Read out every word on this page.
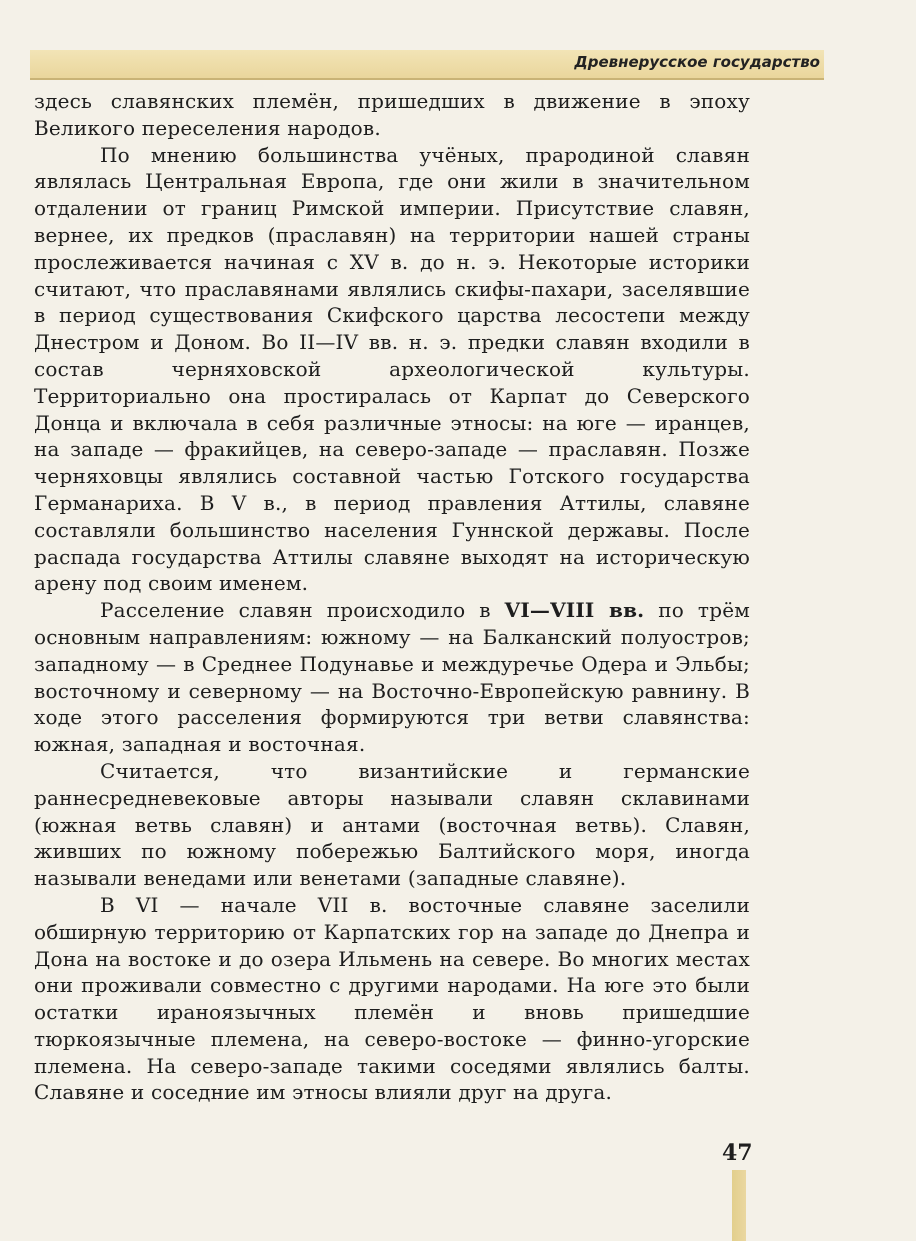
Древнерусское государство

здесь славянских племён, пришедших в движение в эпоху Великого переселения народов.

По мнению большинства учёных, прародиной славян являлась Центральная Европа, где они жили в значительном отдалении от границ Римской империи. Присутствие славян, вернее, их предков (праславян) на территории нашей страны прослеживается начиная с XV в. до н. э. Некоторые историки считают, что праславянами являлись скифы-пахари, заселявшие в период существования Скифского царства лесостепи между Днестром и Доном. Во II—IV вв. н. э. предки славян входили в состав черняховской археологической культуры. Территориально она простиралась от Карпат до Северского Донца и включала в себя различные этносы: на юге — иранцев, на западе — фракийцев, на северо-западе — праславян. Позже черняховцы являлись составной частью Готского государства Германариха. В V в., в период правления Аттилы, славяне составляли большинство населения Гуннской державы. После распада государства Аттилы славяне выходят на историческую арену под своим именем.

Расселение славян происходило в VI—VIII вв. по трём основным направлениям: южному — на Балканский полуостров; западному — в Среднее Подунавье и междуречье Одера и Эльбы; восточному и северному — на Восточно-Европейскую равнину. В ходе этого расселения формируются три ветви славянства: южная, западная и восточная.

Считается, что византийские и германские раннесредневековые авторы называли славян склавинами (южная ветвь славян) и антами (восточная ветвь). Славян, живших по южному побережью Балтийского моря, иногда называли венедами или венетами (западные славяне).

В VI — начале VII в. восточные славяне заселили обширную территорию от Карпатских гор на западе до Днепра и Дона на востоке и до озера Ильмень на севере. Во многих местах они проживали совместно с другими народами. На юге это были остатки ираноязычных племён и вновь пришедшие тюркоязычные племена, на северо-востоке — финно-угорские племена. На северо-западе такими соседями являлись балты. Славяне и соседние им этносы влияли друг на друга.

47
